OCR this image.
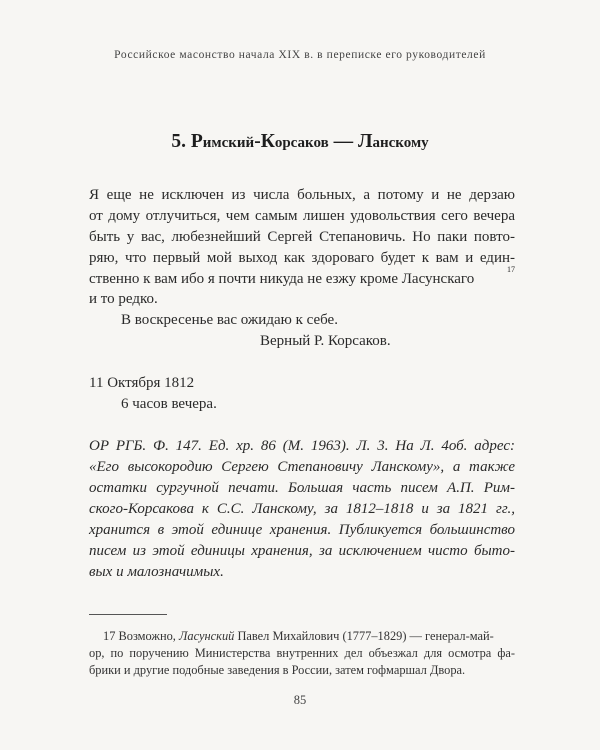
Российское масонство начала XIX в. в переписке его руководителей
5. Римский-Корсаков — Ланскому
Я еще не исключен из числа больных, а потому и не дерзаю
от дому отлучиться, чем самым лишен удовольствия сего вечера
быть у вас, любезнейший Сергей Степановичь. Но паки повто-
ряю, что первый мой выход как здороваго будет к вам и един-
ственно к вам ибо я почти никуда не езжу кроме Ласунскаго
17
и то редко.
В воскресенье вас ожидаю к себе.
Верный Р. Корсаков.
11 Октября 1812
6 часов вечера.
ОР РГБ. Ф. 147. Ед. хр. 86 (М. 1963). Л. 3. На Л. 4об. адрес:
«Его высокородию Сергею Степановичу Ланскому», а также
остатки сургучной печати. Большая часть писем А.П. Рим-
ского-Корсакова к С.С. Ланскому, за 1812–1818 и за 1821 гг.,
хранится в этой единице хранения. Публикуется большинство
писем из этой единицы хранения, за исключением чисто быто-
вых и малозначимых.
17
Возможно, Ласунский Павел Михайлович (1777–1829) — генерал-май-
ор, по поручению Министерства внутренних дел объезжал для осмотра фа-
брики и другие подобные заведения в России, затем гофмаршал Двора.
85
